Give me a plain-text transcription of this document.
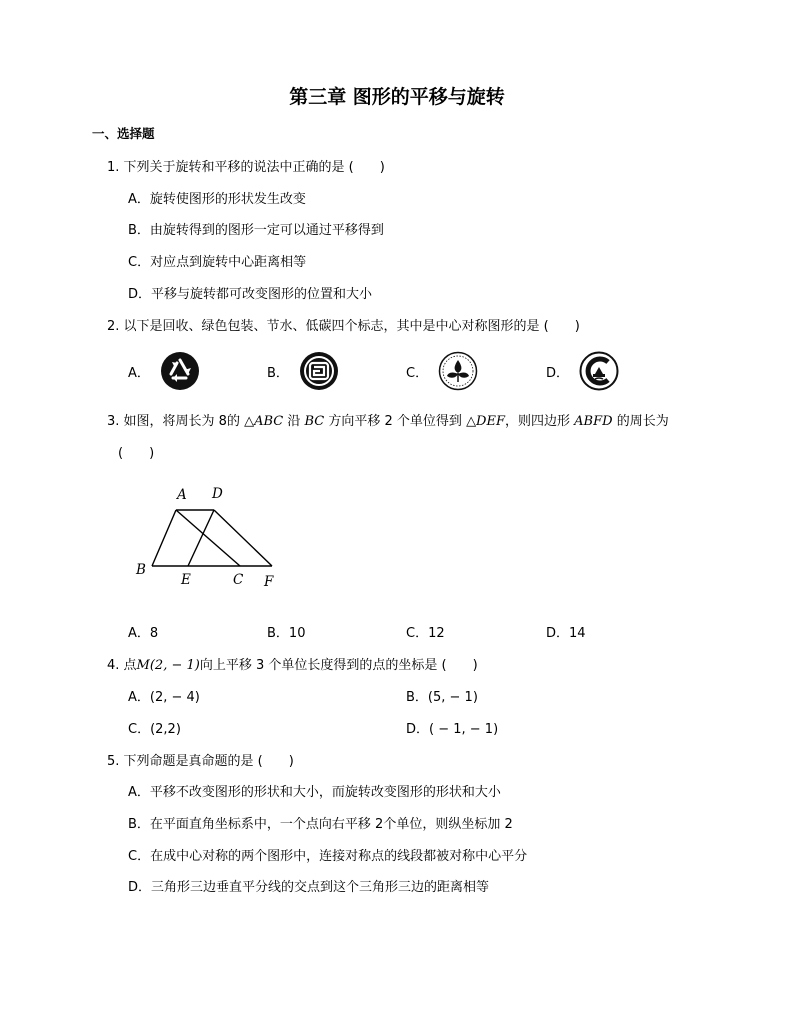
第三章 图形的平移与旋转
一、选择题
1. 下列关于旋转和平移的说法中正确的是 (　　)
A．旋转使图形的形状发生改变
B．由旋转得到的图形一定可以通过平移得到
C．对应点到旋转中心距离相等
D．平移与旋转都可改变图形的位置和大小
2. 以下是回收、绿色包装、节水、低碳四个标志，其中是中心对称图形的是 (　　)
A．	B．	C．	D．
3. 如图，将周长为 8的 △ABC 沿 BC 方向平移 2 个单位得到 △DEF，则四边形 ABFD 的周长为
(　　)
A D
B
E	C F
A．8	B．10	C．12	D．14
4. 点M(2, − 1)向上平移 3 个单位长度得到的点的坐标是 (　　)
A．(2, − 4)	B．(5, − 1)
C．(2,2)	D．( − 1, − 1)
5. 下列命题是真命题的是 (　　)
A．平移不改变图形的形状和大小，而旋转改变图形的形状和大小
B．在平面直角坐标系中，一个点向右平移 2个单位，则纵坐标加 2
C．在成中心对称的两个图形中，连接对称点的线段都被对称中心平分
D．三角形三边垂直平分线的交点到这个三角形三边的距离相等
